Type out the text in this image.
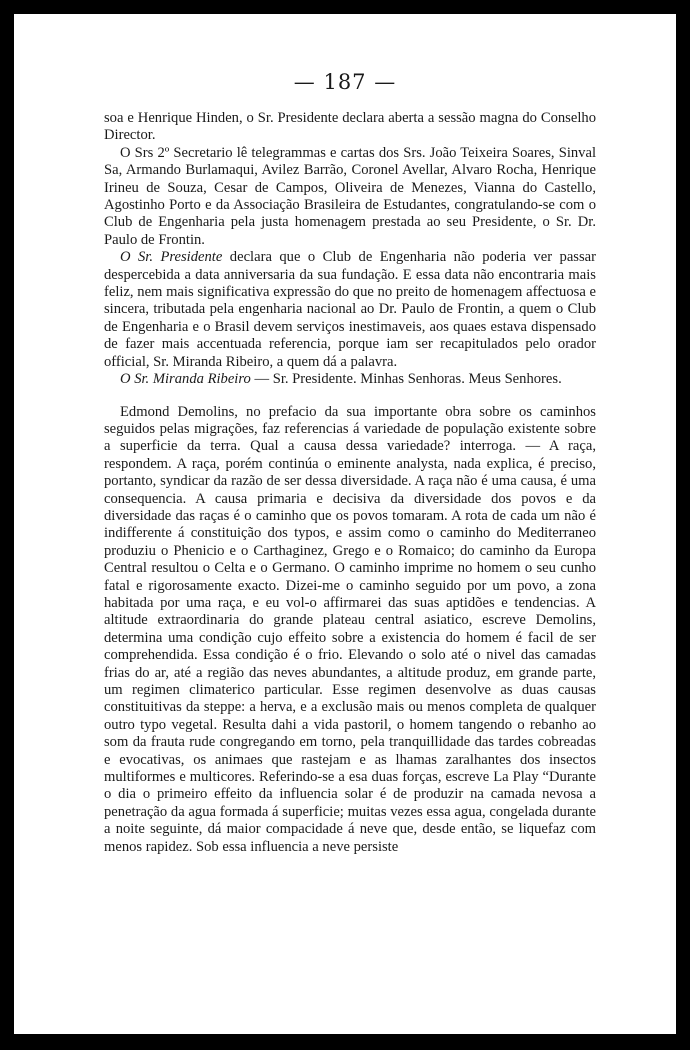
— 187 —

soa e Henrique Hinden, o Sr. Presidente declara aberta a sessão magna do Conselho Director.

O Srs 2º Secretario lê telegrammas e cartas dos Srs. João Teixeira Soares, Sinval Sa, Armando Burlamaqui, Avilez Barrão, Coronel Avellar, Alvaro Rocha, Henrique Irineu de Souza, Cesar de Campos, Oliveira de Menezes, Vianna do Castello, Agostinho Porto e da Associação Brasileira de Estudantes, congratulando-se com o Club de Engenharia pela justa homenagem prestada ao seu Presidente, o Sr. Dr. Paulo de Frontin.

O Sr. Presidente declara que o Club de Engenharia não poderia ver passar despercebida a data anniversaria da sua fundação. E essa data não encontraria mais feliz, nem mais significativa expressão do que no preito de homenagem affectuosa e sincera, tributada pela engenharia nacional ao Dr. Paulo de Frontin, a quem o Club de Engenharia e o Brasil devem serviços inestimaveis, aos quaes estava dispensado de fazer mais accentuada referencia, porque iam ser recapitulados pelo orador official, Sr. Miranda Ribeiro, a quem dá a palavra.

O Sr. Miranda Ribeiro — Sr. Presidente. Minhas Senhoras. Meus Senhores.

Edmond Demolins, no prefacio da sua importante obra sobre os caminhos seguidos pelas migrações, faz referencias á variedade de população existente sobre a superficie da terra. Qual a causa dessa variedade? interroga. — A raça, respondem. A raça, porém continúa o eminente analysta, nada explica, é preciso, portanto, syndicar da razão de ser dessa diversidade. A raça não é uma causa, é uma consequencia. A causa primaria e decisiva da diversidade dos povos e da diversidade das raças é o caminho que os povos tomaram. A rota de cada um não é indifferente á constituição dos typos, e assim como o caminho do Mediterraneo produziu o Phenicio e o Carthaginez, Grego e o Romaico; do caminho da Europa Central resultou o Celta e o Germano. O caminho imprime no homem o seu cunho fatal e rigorosamente exacto. Dizei-me o caminho seguido por um povo, a zona habitada por uma raça, e eu vol-o affirmarei das suas aptidões e tendencias. A altitude extraordinaria do grande plateau central asiatico, escreve Demolins, determina uma condição cujo effeito sobre a existencia do homem é facil de ser comprehendida. Essa condição é o frio. Elevando o solo até o nivel das camadas frias do ar, até a região das neves abundantes, a altitude produz, em grande parte, um regimen climaterico particular. Esse regimen desenvolve as duas causas constituitivas da steppe: a herva, e a exclusão mais ou menos completa de qualquer outro typo vegetal. Resulta dahi a vida pastoril, o homem tangendo o rebanho ao som da frauta rude congregando em torno, pela tranquillidade das tardes cobreadas e evocativas, os animaes que rastejam e as lhamas zaralhantes dos insectos multiformes e multicores. Referindo-se a esa duas forças, escreve La Play “Durante o dia o primeiro effeito da influencia solar é de produzir na camada nevosa a penetração da agua formada á superficie; muitas vezes essa agua, congelada durante a noite seguinte, dá maior compacidade á neve que, desde então, se liquefaz com menos rapidez. Sob essa influencia a neve persiste
